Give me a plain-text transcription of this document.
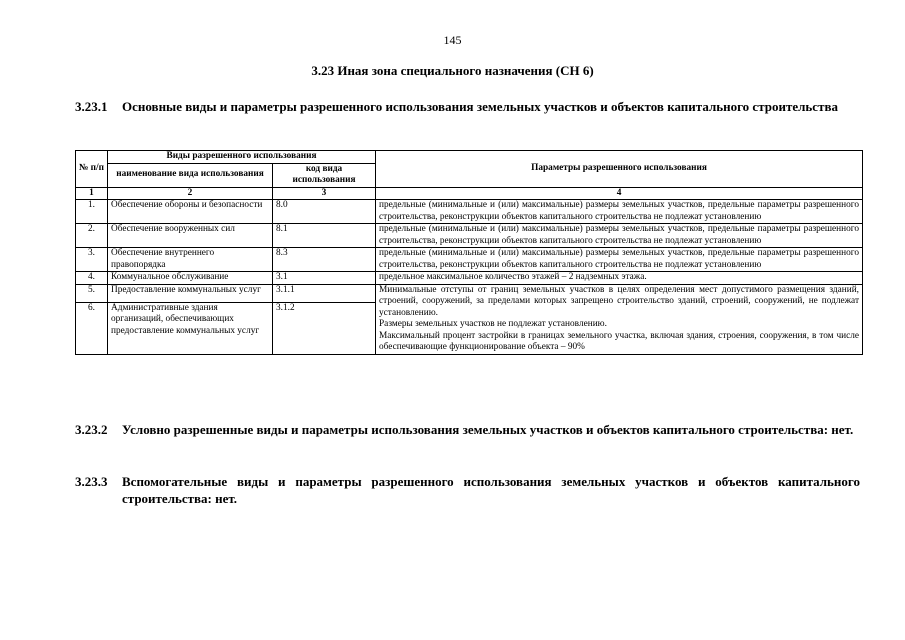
145
3.23 Иная зона специального назначения (СН 6)
3.23.1	Основные виды и параметры разрешенного использования земельных участков и объектов капитального строительства
№ п/п	Виды разрешенного использования		Параметры разрешенного использования
	наименование вида использования	код вида использования	
1	2	3	4
1.	Обеспечение обороны и безопасности	8.0	предельные (минимальные и (или) максимальные) размеры земельных участков, предельные параметры разрешенного строительства, реконструкции объектов капитального строительства не подлежат установлению

2.	Обеспечение вооруженных сил	8.1	предельные (минимальные и (или) максимальные) размеры земельных участков, предельные параметры разрешенного строительства, реконструкции объектов капитального строительства не подлежат установлению

3.	Обеспечение внутреннего правопорядка	8.3	предельные (минимальные и (или) максимальные) размеры земельных участков, предельные параметры разрешенного строительства, реконструкции объектов капитального строительства не подлежат установлению

4.	Коммунальное обслуживание	3.1	предельное максимальное количество этажей – 2 надземных этажа.

5.	Предоставление коммунальных услуг	3.1.1	Минимальные отступы от границ земельных участков в целях определения мест допустимого размещения зданий, строений, сооружений, за пределами которых запрещено строительство зданий, строений, сооружений, не подлежат установлению.
Размеры земельных участков не подлежат установлению.
Максимальный процент застройки в границах земельного участка, включая здания, строения, сооружения, в том числе обеспечивающие функционирование объекта – 90%

6.	Административные здания организаций, обеспечивающих предоставление коммунальных услуг	3.1.2	
3.23.2	Условно разрешенные виды и параметры использования земельных участков и объектов капитального строительства: нет.
3.23.3	Вспомогательные виды и параметры разрешенного использования земельных участков и объектов капитального строительства: нет.
